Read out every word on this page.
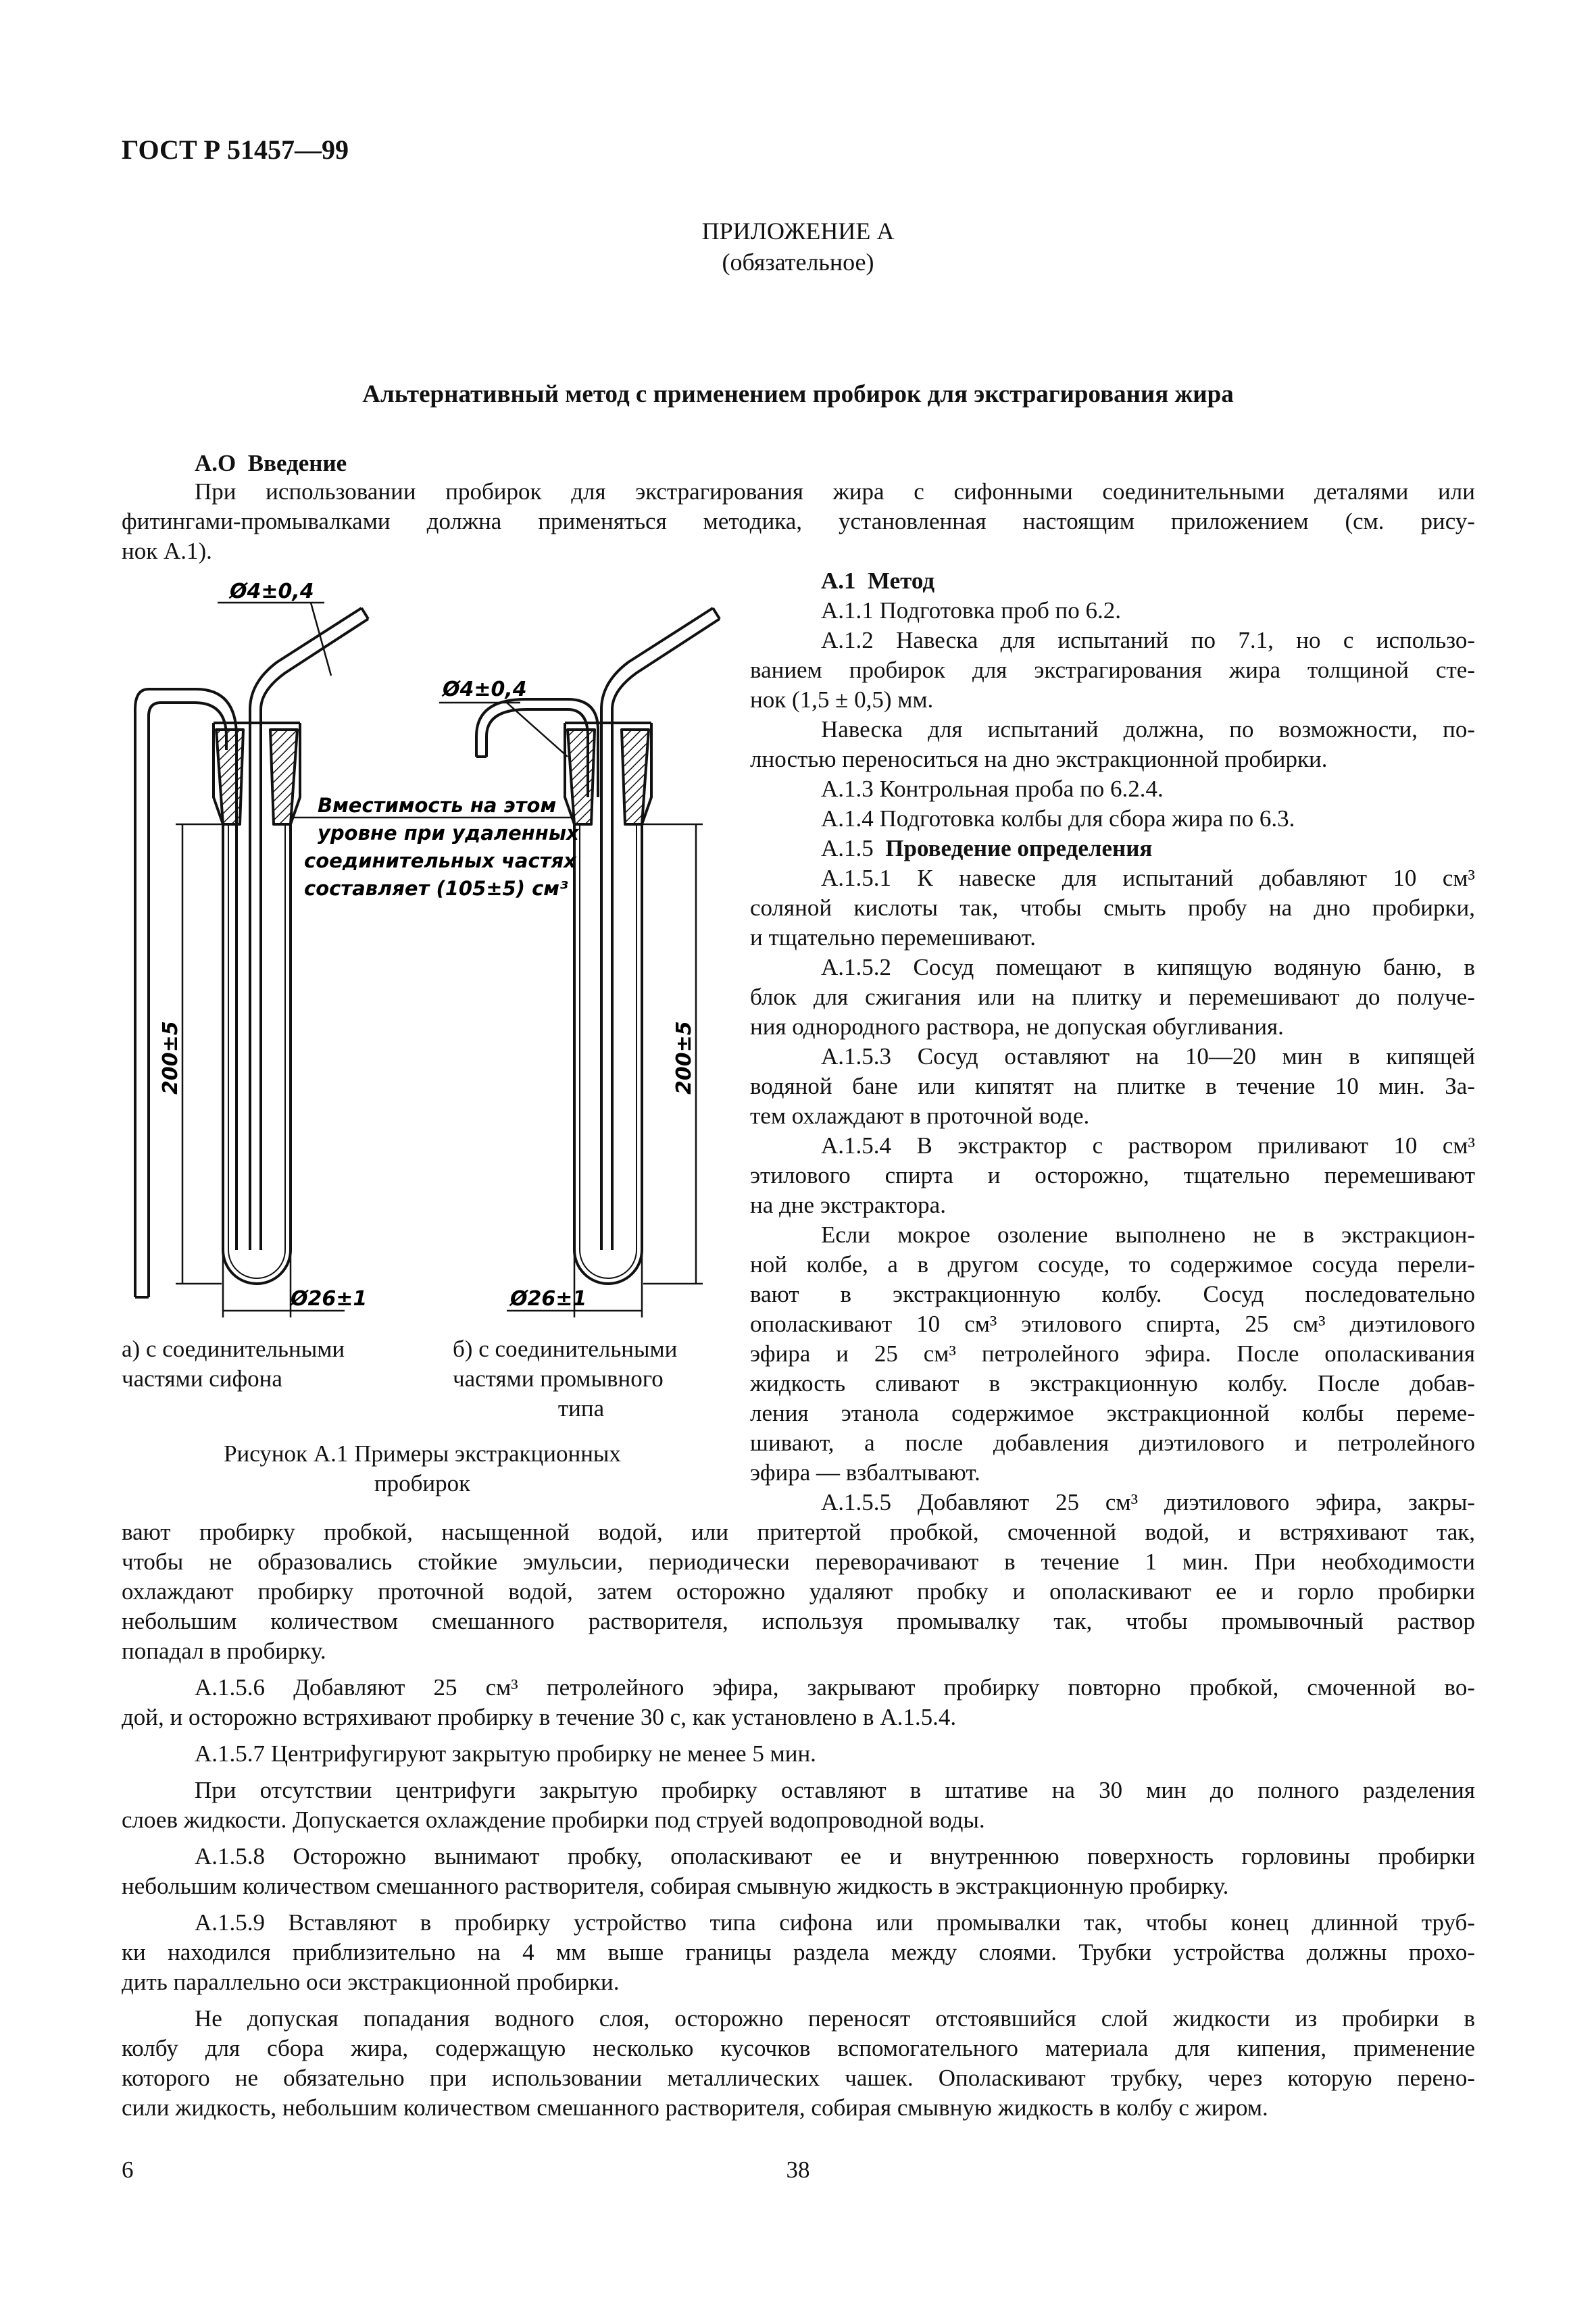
ГОСТ Р 51457—99
ПРИЛОЖЕНИЕ А
(обязательное)
Альтернативный метод с применением пробирок для экстрагирования жира
А.О Введение
При использовании пробирок для экстрагирования жира с сифонными соединительными деталями или
фитингами-промывалками должна применяться методика, установленная настоящим приложением (см. рису-
нок А.1).
Ø4±0,4
Ø4±0,4
200±5	200±5
Ø26±1	Ø26±1
Вместимость на этом
уровне при удаленных
соединительных частях
составляет (105±5) см³
а) с соединительными
частями сифона
б) с соединительными
частями промывного
типа
Рисунок А.1 Примеры экстракционных
пробирок
А.1 Метод
А.1.1 Подготовка проб по 6.2.
А.1.2 Навеска для испытаний по 7.1, но с использо-
ванием пробирок для экстрагирования жира толщиной сте-
нок (1,5 ± 0,5) мм.
Навеска для испытаний должна, по возможности, по-
лностью переноситься на дно экстракционной пробирки.
А.1.3 Контрольная проба по 6.2.4.
А.1.4 Подготовка колбы для сбора жира по 6.3.
А.1.5 Проведение определения
А.1.5.1 К навеске для испытаний добавляют 10 см³
соляной кислоты так, чтобы смыть пробу на дно пробирки,
и тщательно перемешивают.
А.1.5.2 Сосуд помещают в кипящую водяную баню, в
блок для сжигания или на плитку и перемешивают до получе-
ния однородного раствора, не допуская обугливания.
А.1.5.3 Сосуд оставляют на 10—20 мин в кипящей
водяной бане или кипятят на плитке в течение 10 мин. За-
тем охлаждают в проточной воде.
А.1.5.4 В экстрактор с раствором приливают 10 см³
этилового спирта и осторожно, тщательно перемешивают
на дне экстрактора.
Если мокрое озоление выполнено не в экстракцион-
ной колбе, а в другом сосуде, то содержимое сосуда перели-
вают в экстракционную колбу. Сосуд последовательно
ополаскивают 10 см³ этилового спирта, 25 см³ диэтилового
эфира и 25 см³ петролейного эфира. После ополаскивания
жидкость сливают в экстракционную колбу. После добав-
ления этанола содержимое экстракционной колбы переме-
шивают, а после добавления диэтилового и петролейного
эфира — взбалтывают.
А.1.5.5 Добавляют 25 см³ диэтилового эфира, закры-
вают пробирку пробкой, насыщенной водой, или притертой пробкой, смоченной водой, и встряхивают так,
чтобы не образовались стойкие эмульсии, периодически переворачивают в течение 1 мин. При необходимости
охлаждают пробирку проточной водой, затем осторожно удаляют пробку и ополаскивают ее и горло пробирки
небольшим количеством смешанного растворителя, используя промывалку так, чтобы промывочный раствор
попадал в пробирку.
А.1.5.6 Добавляют 25 см³ петролейного эфира, закрывают пробирку повторно пробкой, смоченной во-
дой, и осторожно встряхивают пробирку в течение 30 с, как установлено в А.1.5.4.
А.1.5.7 Центрифугируют закрытую пробирку не менее 5 мин.
При отсутствии центрифуги закрытую пробирку оставляют в штативе на 30 мин до полного разделения
слоев жидкости. Допускается охлаждение пробирки под струей водопроводной воды.
А.1.5.8 Осторожно вынимают пробку, ополаскивают ее и внутреннюю поверхность горловины пробирки
небольшим количеством смешанного растворителя, собирая смывную жидкость в экстракционную пробирку.
А.1.5.9 Вставляют в пробирку устройство типа сифона или промывалки так, чтобы конец длинной труб-
ки находился приблизительно на 4 мм выше границы раздела между слоями. Трубки устройства должны прохо-
дить параллельно оси экстракционной пробирки.
Не допуская попадания водного слоя, осторожно переносят отстоявшийся слой жидкости из пробирки в
колбу для сбора жира, содержащую несколько кусочков вспомогательного материала для кипения, применение
которого не обязательно при использовании металлических чашек. Ополаскивают трубку, через которую перено-
сили жидкость, небольшим количеством смешанного растворителя, собирая смывную жидкость в колбу с жиром.
6	38
